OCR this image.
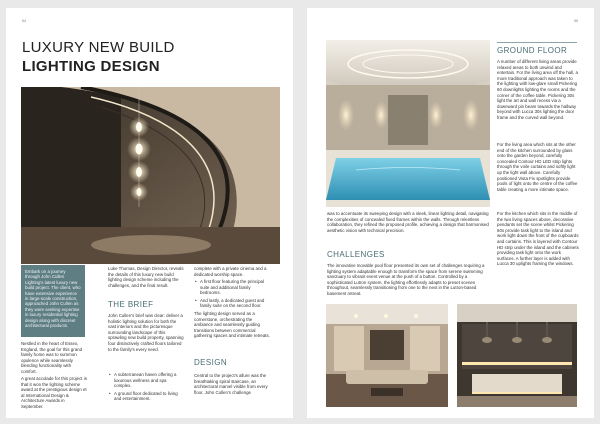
54
LUXURY NEW BUILD
LIGHTING DESIGN
Embark on a journey through John Cullen Lighting's latest luxury new build project. The client, who have extensive experience in large-scale construction, approached John Cullen as they were seeking expertise in luxury residential lighting design along with discreet architectural products.

Nestled in the heart of Essex, England, the goal for this grand family home was to summon opulence while seamlessly blending functionality with comfort.

A great accolade for this project is that it won the lighting scheme award at the prestigious design et al International Design & Architecture Awards in September.

Luke Thomas, Design Director, reveals the details of this luxury new build lighting design scheme including the challenges, and the final result.

THE BRIEF

John Cullen's brief was clear: deliver a holistic lighting solution for both the vast interiors and the picturesque surrounding landscape of this sprawling new build property, spanning four distinctively crafted floors tailored to the family's every need.

• A subterranean haven offering a luxurious wellness and spa complex.
• A ground floor dedicated to living and entertainment.

complete with a private cinema and a dedicated worship space.

• A first floor featuring the principal suite and additional family bedrooms.
• And lastly, a dedicated guest and family suite on the second floor.

The lighting design served as a cornerstone, orchestrating the ambiance and seamlessly guiding transitions between commercial gathering spaces and intimate retreats.

DESIGN

Central to the project's allure was the breathtaking spiral staircase, an architectural marvel visible from every floor. John Cullen's challenge

55

was to accentuate its sweeping design with a sleek, linear lighting detail, navigating the complexities of concealed fixed frames within the walls. Through relentless collaboration, they refined the proposed profile, achieving a design that harmonised aesthetic vision with technical precision.

CHALLENGES

The innovative movable pool floor presented its own set of challenges requiring a lighting system adaptable enough to transform the space from serene swimming sanctuary to vibrant event venue at the push of a button. Controlled by a sophisticated Lutron system, the lighting effortlessly adapts to preset scenes throughout, seamlessly transitioning from one to the next in the Lutron-based basement retreat.

GROUND FLOOR

A number of different living areas provide relaxed areas to both unwind and entertain. For the living area off the hall, a more traditional approach was taken to the lighting with low-glare small Pickering 60 downlights lighting the rooms and the corner of the coffee table. Pickering 30s light the art and wall recess via a downward pin beam towards the hallway beyond with Lucca 30s lighting the door frame and the curved wall beyond.

For the living area which sits at the other end of the kitchen surrounded by glass onto the garden beyond, carefully concealed Contour HD LED strip lights through the voile curtains and softly light up the light wall above. Carefully positioned Vista Fix spotlights provide pools of light onto the centre of the coffee table creating a more intimate space.

For the kitchen which sits in the middle of the two living spaces above, decorative pendants set the scene whilst Pickering 60s provide task light to the island and work light down the front of the cupboards and curtains. This is layered with Contour HD strip under the island and the cabinets providing task light onto the work surfaces. A further layer is added with Lucca 30 uplights framing the windows.
